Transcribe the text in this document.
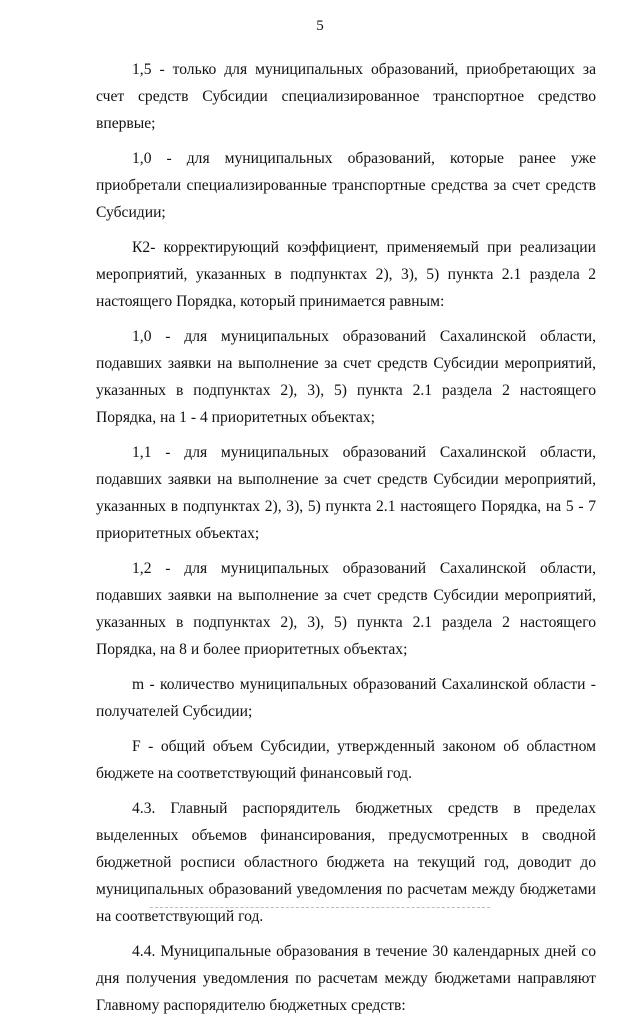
5

1,5 - только для муниципальных образований, приобретающих за счет средств Субсидии специализированное транспортное средство впервые;

1,0 - для муниципальных образований, которые ранее уже приобретали специализированные транспортные средства за счет средств Субсидии;

К2- корректирующий коэффициент, применяемый при реализации мероприятий, указанных в подпунктах 2), 3), 5) пункта 2.1 раздела 2 настоящего Порядка, который принимается равным:

1,0 - для муниципальных образований Сахалинской области, подавших заявки на выполнение за счет средств Субсидии мероприятий, указанных в подпунктах 2), 3), 5) пункта 2.1 раздела 2 настоящего Порядка, на 1 - 4 приоритетных объектах;

1,1 - для муниципальных образований Сахалинской области, подавших заявки на выполнение за счет средств Субсидии мероприятий, указанных в подпунктах 2), 3), 5) пункта 2.1 настоящего Порядка, на 5 - 7 приоритетных объектах;

1,2 - для муниципальных образований Сахалинской области, подавших заявки на выполнение за счет средств Субсидии мероприятий, указанных в подпунктах 2), 3), 5) пункта 2.1 раздела 2 настоящего Порядка, на 8 и более приоритетных объектах;

m - количество муниципальных образований Сахалинской области - получателей Субсидии;

F - общий объем Субсидии, утвержденный законом об областном бюджете на соответствующий финансовый год.

4.3. Главный распорядитель бюджетных средств в пределах выделенных объемов финансирования, предусмотренных в сводной бюджетной росписи областного бюджета на текущий год, доводит до муниципальных образований уведомления по расчетам между бюджетами на соответствующий год.

4.4. Муниципальные образования в течение 30 календарных дней со дня получения уведомления по расчетам между бюджетами направляют Главному распорядителю бюджетных средств:
